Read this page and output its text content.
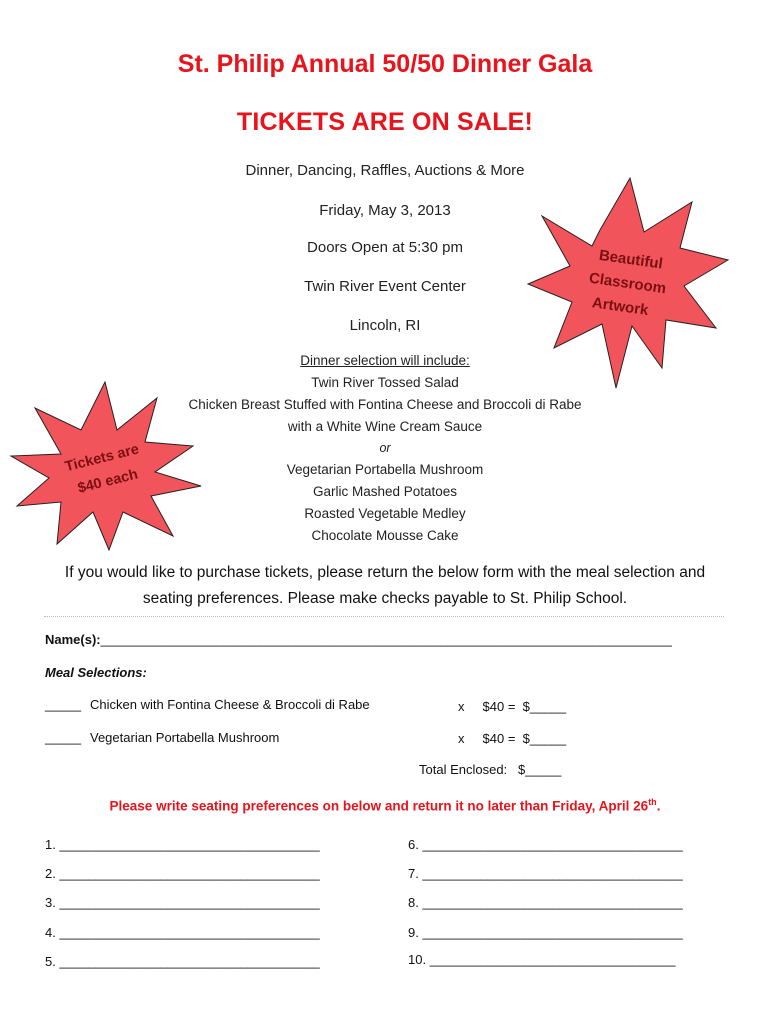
St. Philip Annual 50/50 Dinner Gala
TICKETS ARE ON SALE!
Dinner, Dancing, Raffles, Auctions & More
Friday, May 3, 2013
Doors Open at 5:30 pm
Twin River Event Center
Lincoln, RI
Dinner selection will include:
Twin River Tossed Salad
Chicken Breast Stuffed with Fontina Cheese and Broccoli di Rabe
with a White Wine Cream Sauce
or
Vegetarian Portabella Mushroom
Garlic Mashed Potatoes
Roasted Vegetable Medley
Chocolate Mousse Cake
Beautiful
Classroom
Artwork
Tickets are
$40 each
If you would like to purchase tickets, please return the below form with the meal selection and
seating preferences. Please make checks payable to St. Philip School.
Name(s):_______________________________________________________________________________
Meal Selections:
_____ Chicken with Fontina Cheese & Broccoli di Rabe	x     $40 =  $_____
_____ Vegetarian Portabella Mushroom	x     $40 =  $_____
Total Enclosed:   $_____
Please write seating preferences on below and return it no later than Friday, April 26th.
1. ____________________________________
2. ____________________________________
3. ____________________________________
4. ____________________________________
5. ____________________________________
6. ____________________________________
7. ____________________________________
8. ____________________________________
9. ____________________________________
10. __________________________________
